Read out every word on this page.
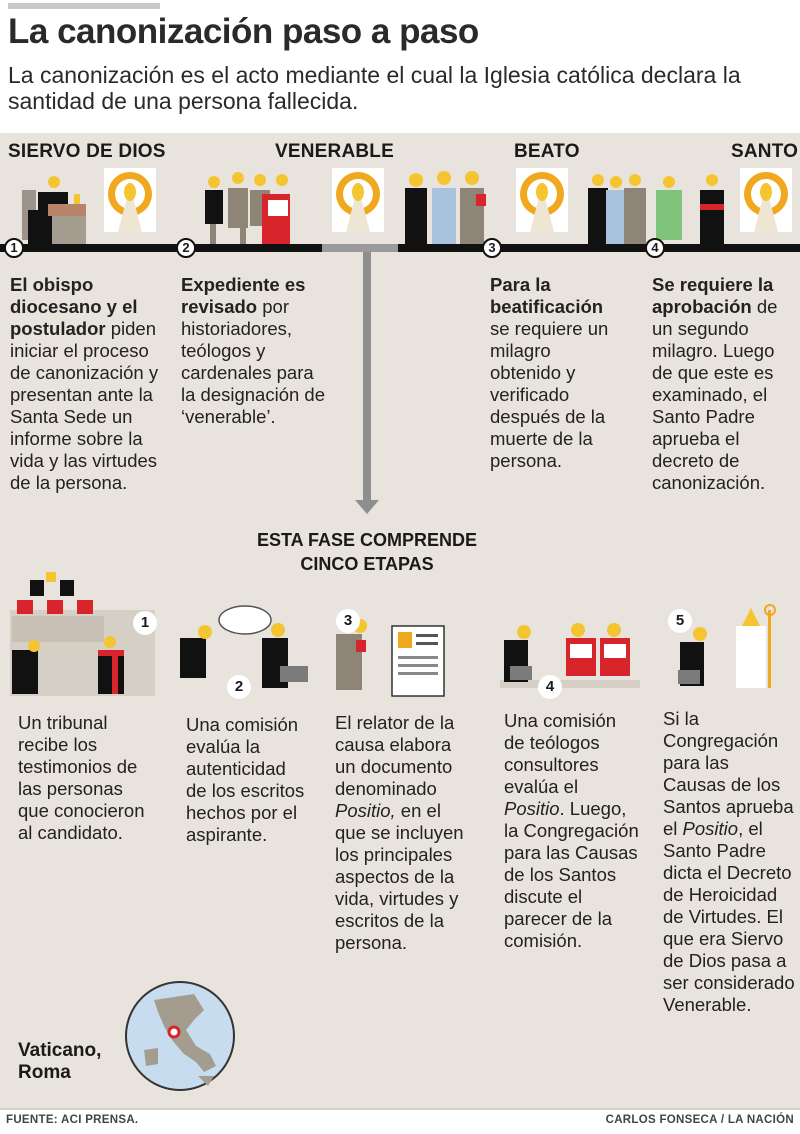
La canonización paso a paso
La canonización es el acto mediante el cual la Iglesia católica declara la santidad de una persona fallecida.
SIERVO DE DIOS	VENERABLE	BEATO	SANTO
1	2	3	4
El obispo diocesano y el postulador piden iniciar el proceso de canonización y presentan ante la Santa Sede un informe sobre la vida y las virtudes de la persona.
Expediente es revisado por historiadores, teólogos y cardenales para la designación de ‘venerable’.
Para la beatificación se requiere un milagro obtenido y verificado después de la muerte de la persona.
Se requiere la aprobación de un segundo milagro. Luego de que este es examinado, el Santo Padre aprueba el decreto de canonización.
ESTA FASE COMPRENDE CINCO ETAPAS
1
2
3
4
5
Un tribunal recibe los testimonios de las personas que conocieron al candidato.
Una comisión evalúa la autenticidad de los escritos hechos por el aspirante.
El relator de la causa elabora un documento denominado Positio, en el que se incluyen los principales aspectos de la vida, virtudes y escritos de la persona.
Una comisión de teólogos consultores evalúa el Positio. Luego, la Congregación para las Causas de los Santos discute el parecer de la comisión.
Si la Congregación para las Causas de los Santos aprueba el Positio, el Santo Padre dicta el Decreto de Heroicidad de Virtudes. El que era Siervo de Dios pasa a ser considerado Venerable.
Vaticano,
Roma
FUENTE: ACI PRENSA.	CARLOS FONSECA / LA NACIÓN
